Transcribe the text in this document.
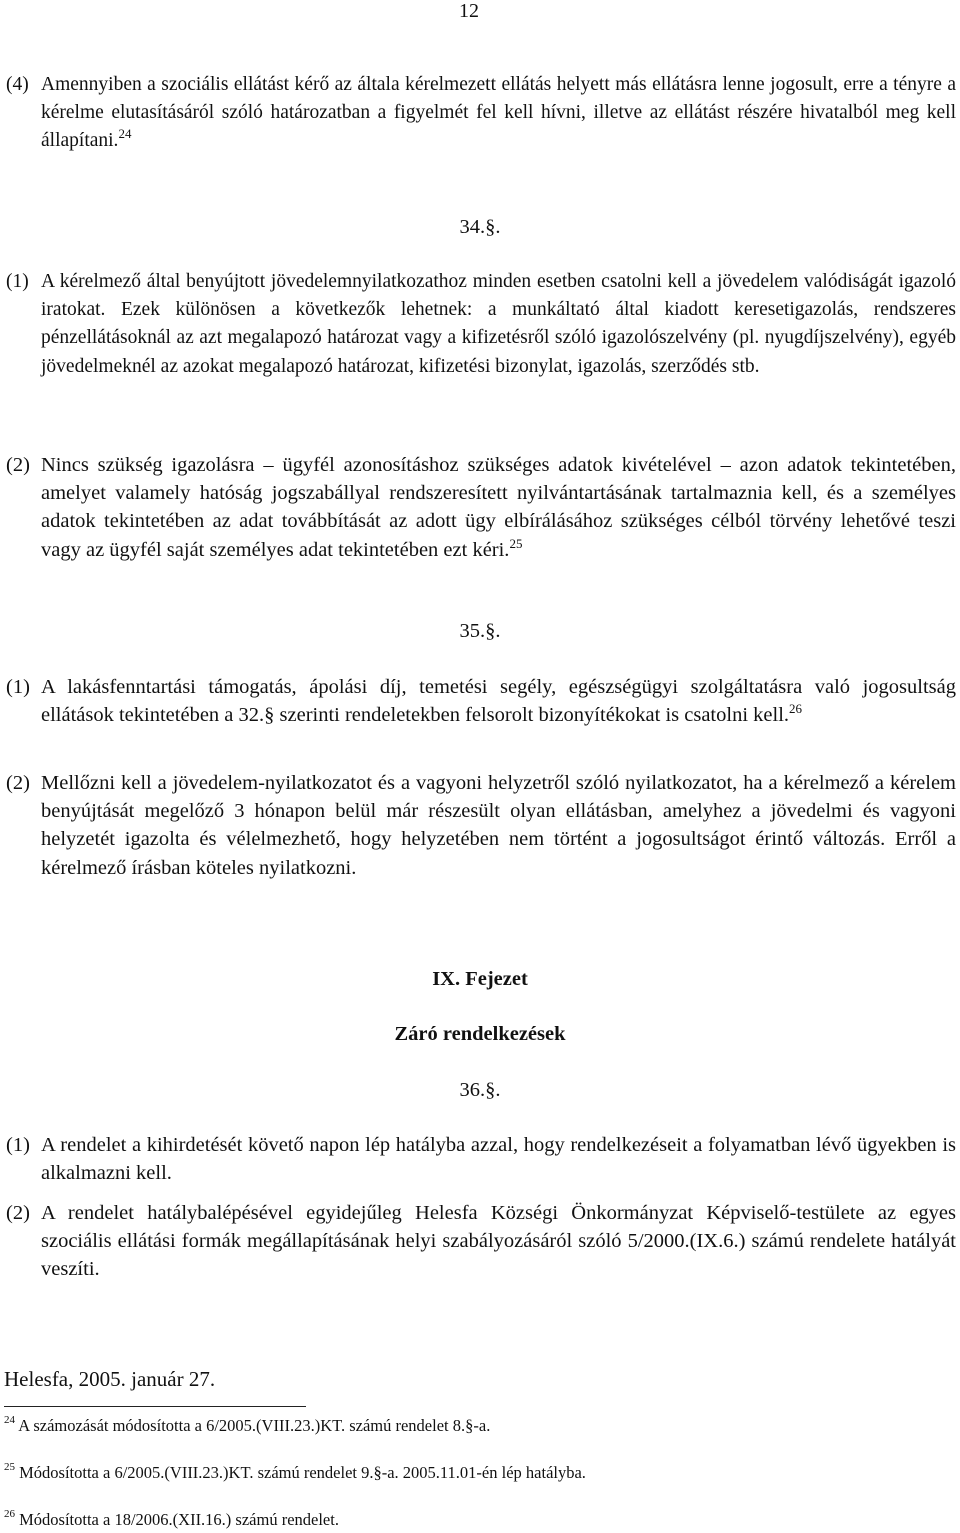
12
(4) Amennyiben a szociális ellátást kérő az általa kérelmezett ellátás helyett más ellátásra lenne jogosult, erre a tényre a kérelme elutasításáról szóló határozatban a figyelmét fel kell hívni, illetve az ellátást részére hivatalból meg kell állapítani.$^{24}$
34.§.
(1) A kérelmező által benyújtott jövedelemnyilatkozathoz minden esetben csatolni kell a jövedelem valódiságát igazoló iratokat. Ezek különösen a következők lehetnek: a munkáltató által kiadott keresetigazolás, rendszeres pénzellátásoknál az azt megalapozó határozat vagy a kifizetésről szóló igazolószelvény (pl. nyugdíjszelvény), egyéb jövedelmeknél az azokat megalapozó határozat, kifizetési bizonylat, igazolás, szerződés stb.
(2) Nincs szükség igazolásra – ügyfél azonosításhoz szükséges adatok kivételével – azon adatok tekintetében, amelyet valamely hatóság jogszabállyal rendszeresített nyilvántartásának tartalmaznia kell, és a személyes adatok tekintetében az adat továbbítását az adott ügy elbírálásához szükséges célból törvény lehetővé teszi vagy az ügyfél saját személyes adat tekintetében ezt kéri.$^{25}$
35.§.
(1) A lakásfenntartási támogatás, ápolási díj, temetési segély, egészségügyi szolgáltatásra való jogosultság ellátások tekintetében a 32.§ szerinti rendeletekben felsorolt bizonyítékokat is csatolni kell.$^{26}$
(2) Mellőzni kell a jövedelem-nyilatkozatot és a vagyoni helyzetről szóló nyilatkozatot, ha a kérelmező a kérelem benyújtását megelőző 3 hónapon belül már részesült olyan ellátásban, amelyhez a jövedelmi és vagyoni helyzetét igazolta és vélelmezhető, hogy helyzetében nem történt a jogosultságot érintő változás. Erről a kérelmező írásban köteles nyilatkozni.
IX. Fejezet
Záró rendelkezések
36.§.
(1) A rendelet a kihirdetését követő napon lép hatályba azzal, hogy rendelkezéseit a folyamatban lévő ügyekben is alkalmazni kell.
(2) A rendelet hatálybalépésével egyidejűleg Helesfa Községi Önkormányzat Képviselő-testülete az egyes szociális ellátási formák megállapításának helyi szabályozásáról szóló 5/2000.(IX.6.) számú rendelete hatályát veszíti.
Helesfa, 2005. január 27.
$^{24}$ A számozását módosította a 6/2005.(VIII.23.)KT. számú rendelet 8.§-a.
$^{25}$ Módosította a 6/2005.(VIII.23.)KT. számú rendelet 9.§-a. 2005.11.01-én lép hatályba.
$^{26}$ Módosította a 18/2006.(XII.16.) számú rendelet.
